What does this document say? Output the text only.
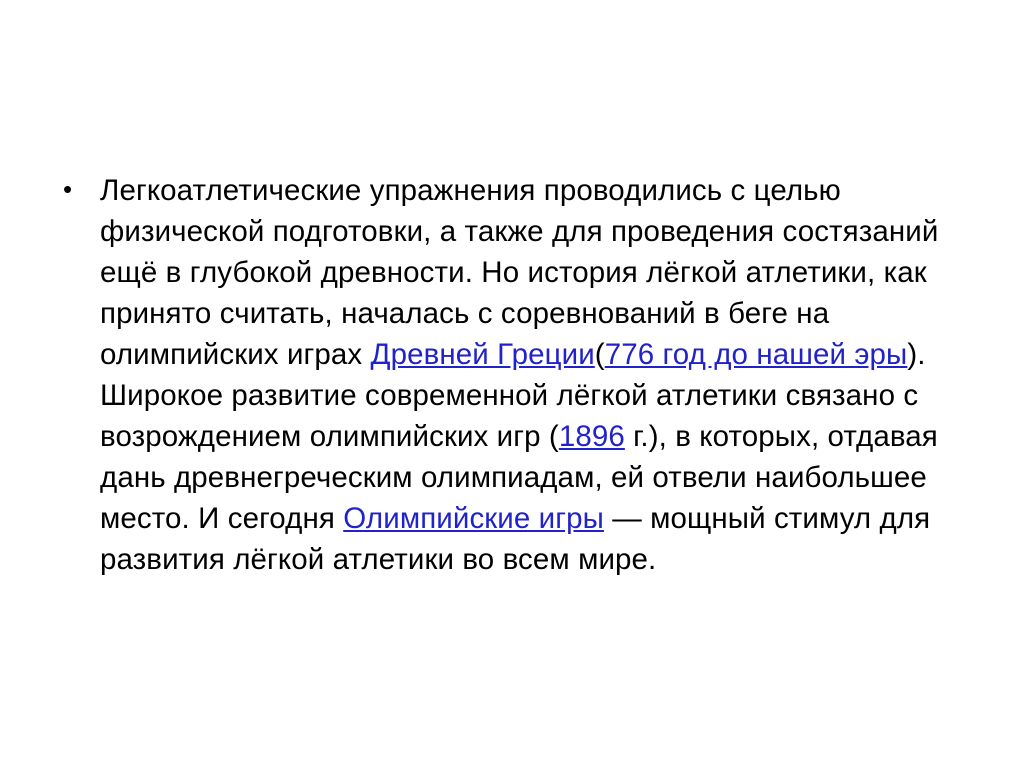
• Легкоатлетические упражнения проводились с целью физической подготовки, а также для проведения состязаний ещё в глубокой древности. Но история лёгкой атлетики, как принято считать, началась с соревнований в беге на олимпийских играх Древней Греции(776 год до нашей эры). Широкое развитие современной лёгкой атлетики связано с возрождением олимпийских игр (1896 г.), в которых, отдавая дань древнегреческим олимпиадам, ей отвели наибольшее место. И сегодня Олимпийские игры — мощный стимул для развития лёгкой атлетики во всем мире.
